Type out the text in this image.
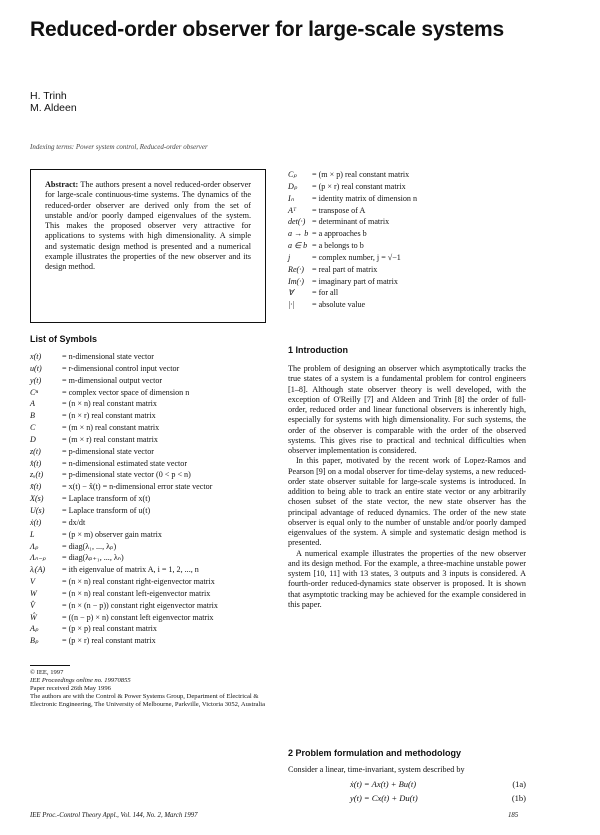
Reduced-order observer for large-scale systems
H. Trinh
M. Aldeen
Indexing terms: Power system control, Reduced-order observer
Abstract: The authors present a novel reduced-order observer for large-scale continuous-time systems. The dynamics of the reduced-order observer are derived only from the set of unstable and/or poorly damped eigenvalues of the system. This makes the proposed observer very attractive for applications to systems with high dimensionality. A simple and systematic design method is presented and a numerical example illustrates the properties of the new observer and its design method.
List of Symbols
x(t)	= n-dimensional state vector
u(t)	= r-dimensional control input vector
y(t)	= m-dimensional output vector
Cⁿ	= complex vector space of dimension n
A	= (n × n) real constant matrix
B	= (n × r) real constant matrix
C	= (m × n) real constant matrix
D	= (m × r) real constant matrix
z(t)	= p-dimensional state vector
x̂(t)	= n-dimensional estimated state vector
zᵤ(t) = p-dimensional state vector (0 < p < n)
x̃(t)	= x(t) − x̂(t) = n-dimensional error state vector
X(s) = Laplace transform of x(t)
U(s) = Laplace transform of u(t)
ẋ(t)	= dx/dt
L	= (p × m) observer gain matrix
Λₚ	= diag(λ₁, ..., λₚ)
Λₙ₋ₚ = diag(λₚ₊₁, ..., λₙ)
λᵢ(A) = ith eigenvalue of matrix A, i = 1, 2, ..., n
V	= (n × n) real constant right-eigenvector matrix
W	= (n × n) real constant left-eigenvector matrix
V̂	= (n × (n − p)) constant right eigenvector matrix
Ŵ	= ((n − p) × n) constant left eigenvector matrix
Aₚ	= (p × p) real constant matrix
Bₚ	= (p × r) real constant matrix
© IEE, 1997
IEE Proceedings online no. 19970855
Paper received 26th May 1996
The authors are with the Control & Power Systems Group, Department of Electrical & Electronic Engineering, The University of Melbourne, Parkville, Victoria 3052, Australia
Cₚ = (m × p) real constant matrix
Dₚ = (p × r) real constant matrix
Iₙ = identity matrix of dimension n
Aᵀ = transpose of A
det(·) = determinant of matrix
a → b = a approaches b
a ∈ b = a belongs to b
j	= complex number, j = √−1
Re(·) = real part of matrix
Im(·) = imaginary part of matrix
∀ = for all
|·| = absolute value
1 Introduction

The problem of designing an observer which asymptotically tracks the true states of a system is a fundamental problem for control engineers [1–8]. Although state observer theory is well developed, with the exception of O'Reilly [7] and Aldeen and Trinh [8] the order of full-order, reduced order and linear functional observers is inherently high, especially for systems with high dimensionality. For such systems, the order of the observer is comparable with the order of the observed systems. This gives rise to practical and technical difficulties when observer implementation is considered.

In this paper, motivated by the recent work of Lopez-Ramos and Pearson [9] on a modal observer for time-delay systems, a new reduced-order state observer suitable for large-scale systems is introduced. In addition to being able to track an entire state vector or any arbitrarily chosen subset of the state vector, the new state observer has the principal advantage of reduced dynamics. The order of the new state observer is equal only to the number of unstable and/or poorly damped eigenvalues of the system. A simple and systematic design method is presented.

A numerical example illustrates the properties of the new observer and its design method. For the example, a three-machine unstable power system [10, 11] with 13 states, 3 outputs and 3 inputs is considered. A fourth-order reduced-dynamics state observer is proposed. It is shown that asymptotic tracking may be achieved for the example considered in this paper.

2 Problem formulation and methodology

Consider a linear, time-invariant, system described by

ẋ(t) = Ax(t) + Bu(t)	(1a)
y(t) = Cx(t) + Du(t)	(1b)
IEE Proc.-Control Theory Appl., Vol. 144, No. 2, March 1997	185
